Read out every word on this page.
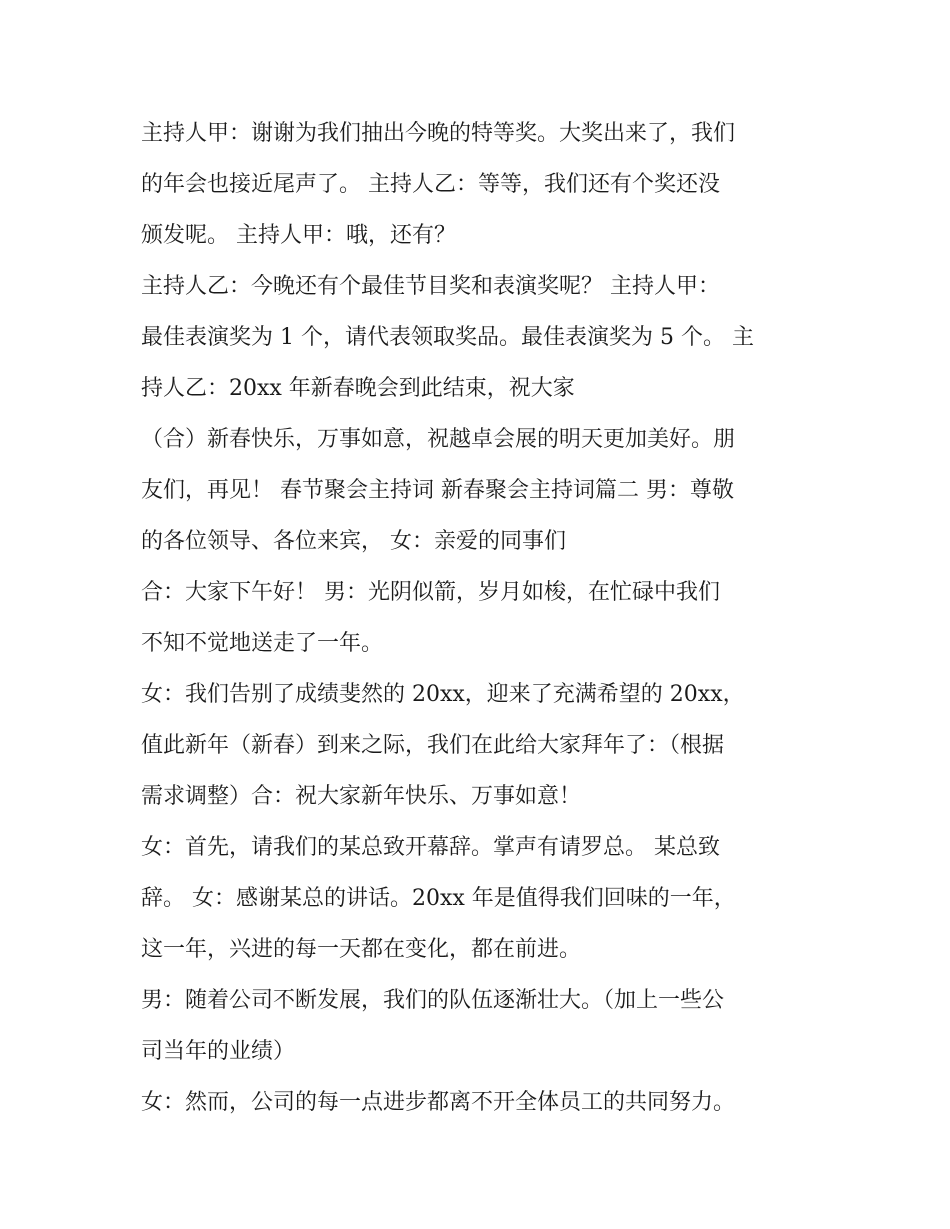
主持人甲：谢谢为我们抽出今晚的特等奖。大奖出来了，我们
的年会也接近尾声了。 主持人乙：等等，我们还有个奖还没
颁发呢。 主持人甲：哦，还有？
主持人乙：今晚还有个最佳节目奖和表演奖呢？ 主持人甲：
最佳表演奖为 1 个，请代表领取奖品。最佳表演奖为 5 个。 主
持人乙：20xx 年新春晚会到此结束，祝大家
（合）新春快乐，万事如意，祝越卓会展的明天更加美好。朋
友们，再见！ 春节聚会主持词 新春聚会主持词篇二 男：尊敬
的各位领导、各位来宾， 女：亲爱的同事们
合：大家下午好！ 男：光阴似箭，岁月如梭，在忙碌中我们
不知不觉地送走了一年。
女：我们告别了成绩斐然的 20xx，迎来了充满希望的 20xx，
值此新年（新春）到来之际，我们在此给大家拜年了：（根据
需求调整）合：祝大家新年快乐、万事如意！
女：首先，请我们的某总致开幕辞。掌声有请罗总。 某总致
辞。 女：感谢某总的讲话。20xx 年是值得我们回味的一年，
这一年，兴进的每一天都在变化，都在前进。
男：随着公司不断发展，我们的队伍逐渐壮大。（加上一些公
司当年的业绩）
女：然而，公司的每一点进步都离不开全体员工的共同努力。
